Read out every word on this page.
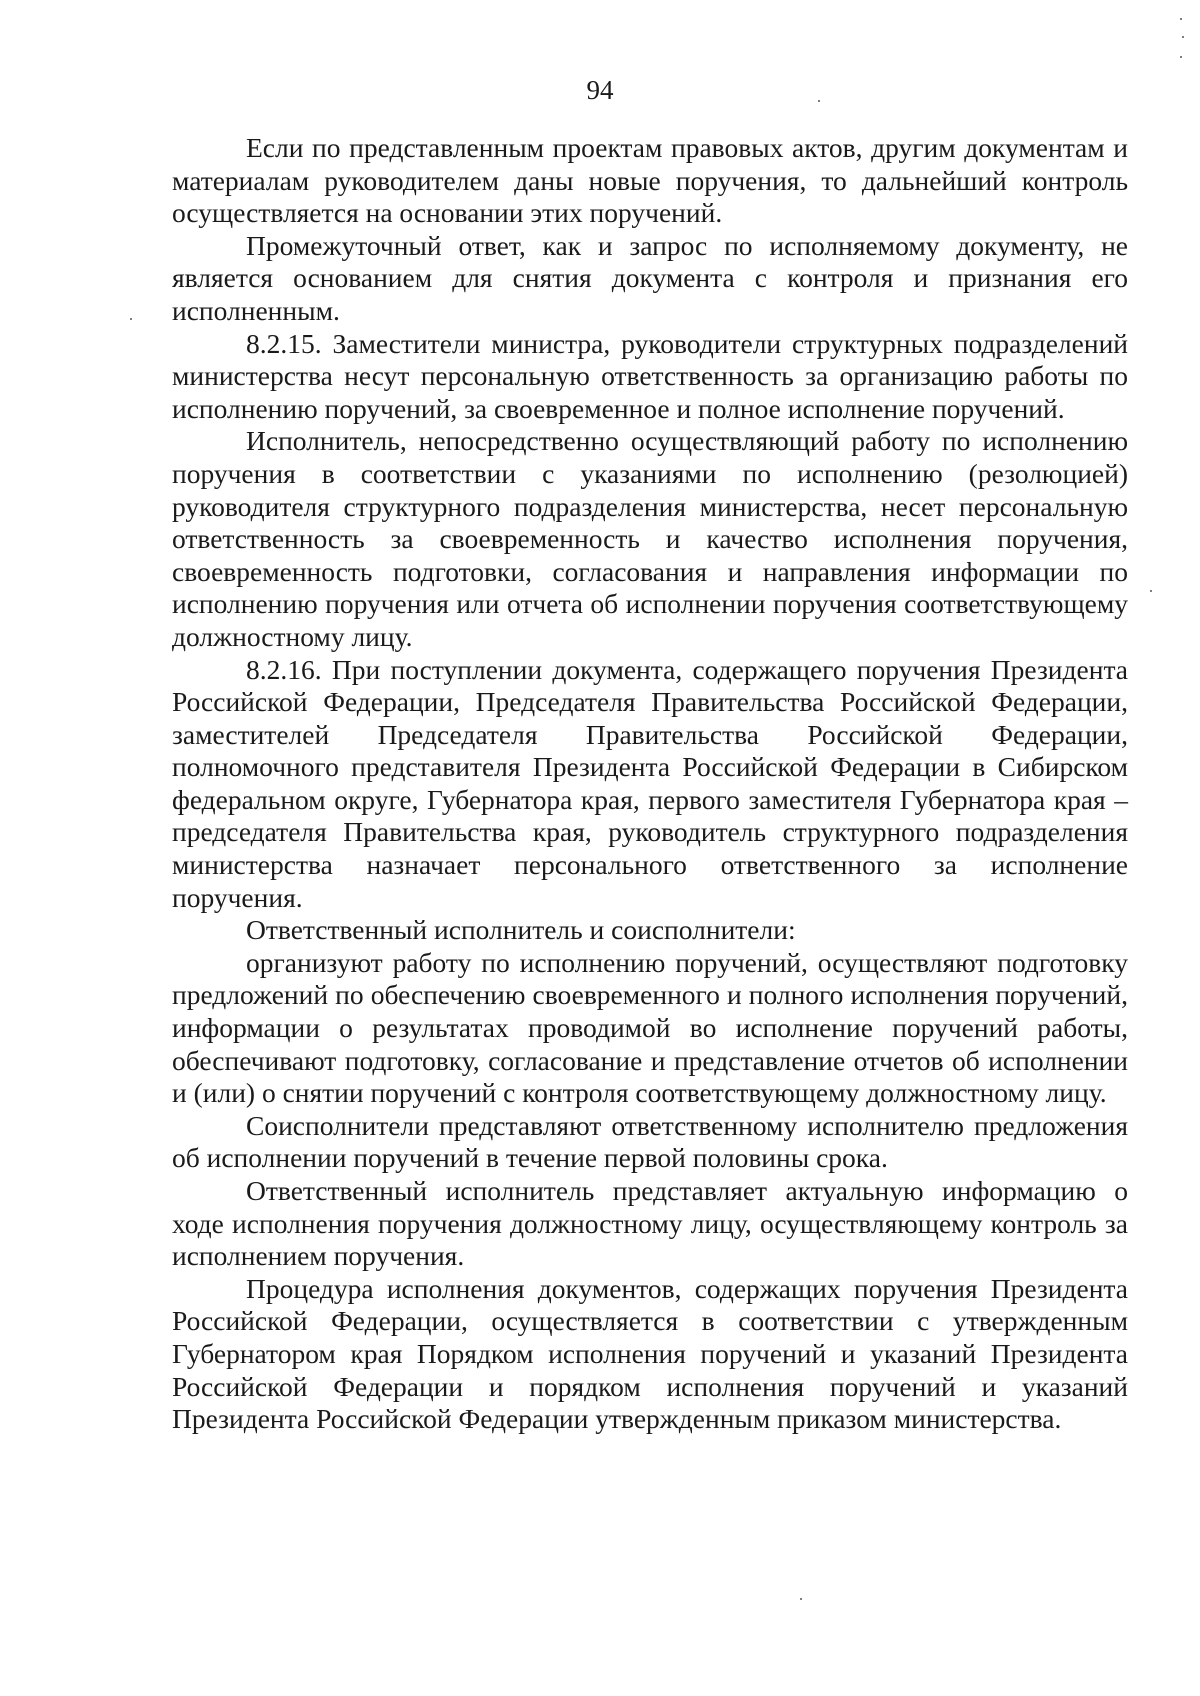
94

Если по представленным проектам правовых актов, другим документам и материалам руководителем даны новые поручения, то дальнейший контроль осуществляется на основании этих поручений.

Промежуточный ответ, как и запрос по исполняемому документу, не является основанием для снятия документа с контроля и признания его исполненным.

8.2.15. Заместители министра, руководители структурных подразделений министерства несут персональную ответственность за организацию работы по исполнению поручений, за своевременное и полное исполнение поручений.

Исполнитель, непосредственно осуществляющий работу по исполнению поручения в соответствии с указаниями по исполнению (резолюцией) руководителя структурного подразделения министерства, несет персональную ответственность за своевременность и качество исполнения поручения, своевременность подготовки, согласования и направления информации по исполнению поручения или отчета об исполнении поручения соответствующему должностному лицу.

8.2.16. При поступлении документа, содержащего поручения Президента Российской Федерации, Председателя Правительства Российской Федерации, заместителей Председателя Правительства Российской Федерации, полномочного представителя Президента Российской Федерации в Сибирском федеральном округе, Губернатора края, первого заместителя Губернатора края – председателя Правительства края, руководитель структурного подразделения министерства назначает персонального ответственного за исполнение поручения.

Ответственный исполнитель и соисполнители:

организуют работу по исполнению поручений, осуществляют подготовку предложений по обеспечению своевременного и полного исполнения поручений, информации о результатах проводимой во исполнение поручений работы, обеспечивают подготовку, согласование и представление отчетов об исполнении и (или) о снятии поручений с контроля соответствующему должностному лицу.

Соисполнители представляют ответственному исполнителю предложения об исполнении поручений в течение первой половины срока.

Ответственный исполнитель представляет актуальную информацию о ходе исполнения поручения должностному лицу, осуществляющему контроль за исполнением поручения.

Процедура исполнения документов, содержащих поручения Президента Российской Федерации, осуществляется в соответствии с утвержденным Губернатором края Порядком исполнения поручений и указаний Президента Российской Федерации и порядком исполнения поручений и указаний Президента Российской Федерации утвержденным приказом министерства.
